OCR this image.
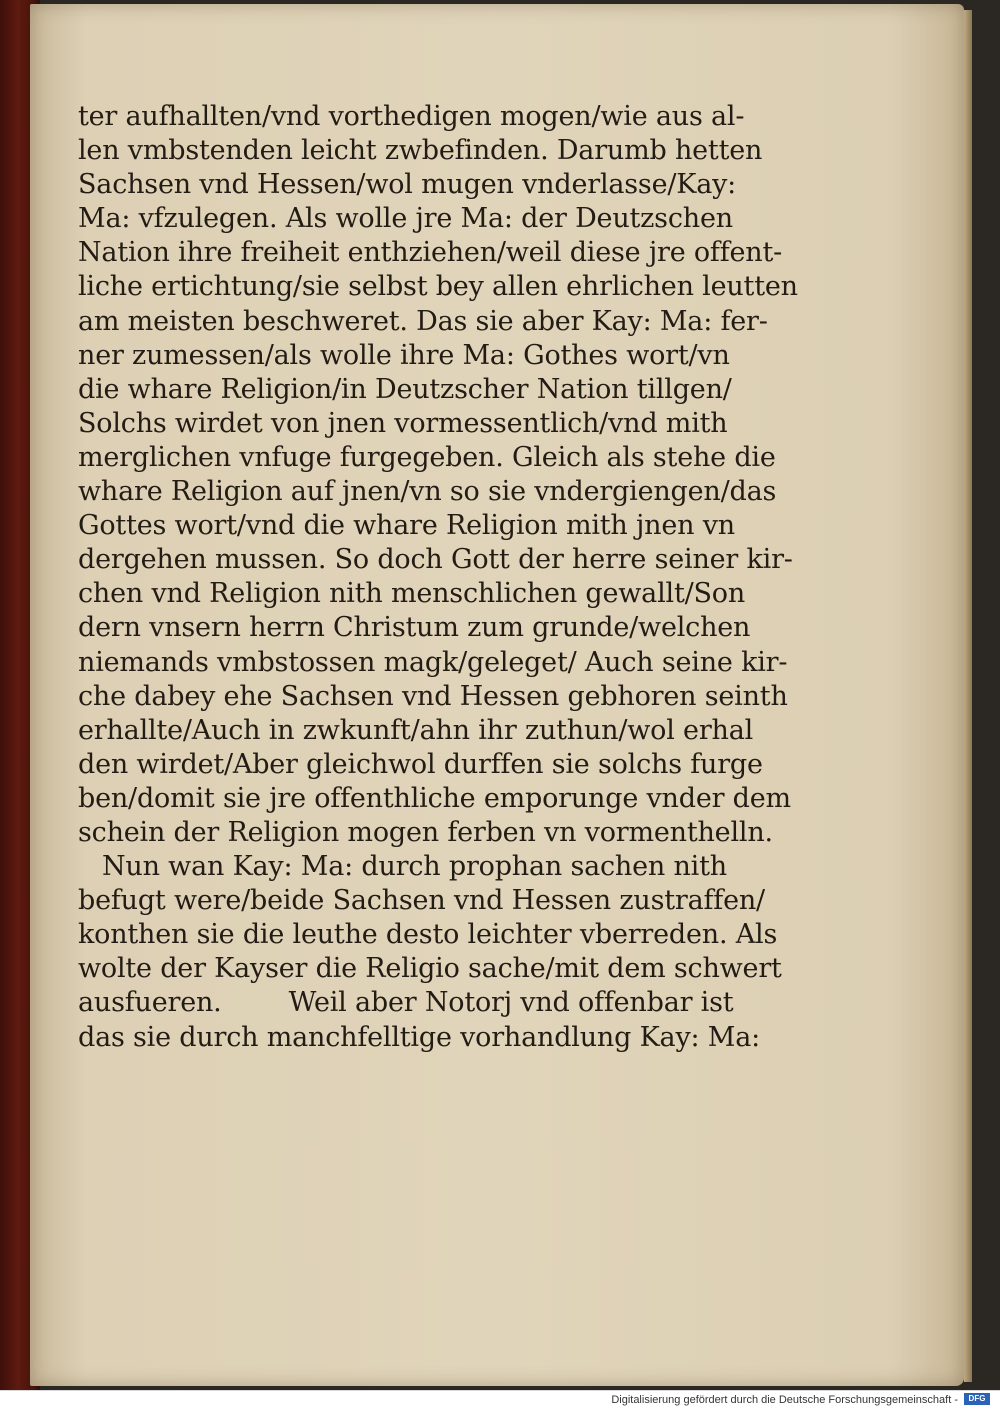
ter aufhallten/vnd vorthedigen mogen/wie aus al-
len vmbstenden leicht zwbefinden. Darumb hetten
Sachsen vnd Hessen/wol mugen vnderlasse/Kay:
Ma: vfzulegen. Als wolle jre Ma: der Deutzschen
Nation ihre freiheit enthziehen/weil diese jre offent-
liche ertichtung/sie selbst bey allen ehrlichen leutten
am meisten beschweret. Das sie aber Kay: Ma: fer-
ner zumessen/als wolle ihre Ma: Gothes wort/vn
die whare Religion/in Deutzscher Nation tillgen/
Solchs wirdet von jnen vormessentlich/vnd mith
merglichen vnfuge furgegeben. Gleich als stehe die
whare Religion auf jnen/vn so sie vndergiengen/das
Gottes wort/vnd die whare Religion mith jnen vn
dergehen mussen. So doch Gott der herre seiner kir-
chen vnd Religion nith menschlichen gewallt/Son
dern vnsern herrn Christum zum grunde/welchen
niemands vmbstossen magk/geleget/ Auch seine kir-
che dabey ehe Sachsen vnd Hessen gebhoren seinth
erhallte/Auch in zwkunft/ahn ihr zuthun/wol erhal
den wirdet/Aber gleichwol durffen sie solchs furge
ben/domit sie jre offenthliche emporunge vnder dem
schein der Religion mogen ferben vn vormenthelln.
Nun wan Kay: Ma: durch prophan sachen nith
befugt were/beide Sachsen vnd Hessen zustraffen/
konthen sie die leuthe desto leichter vberreden. Als
wolte der Kayser die Religio sache/mit dem schwert
ausfueren.        Weil aber Notorj vnd offenbar ist
das sie durch manchfelltige vorhandlung Kay: Ma:
Digitalisierung gefördert durch die Deutsche Forschungsgemeinschaft -	DFG
